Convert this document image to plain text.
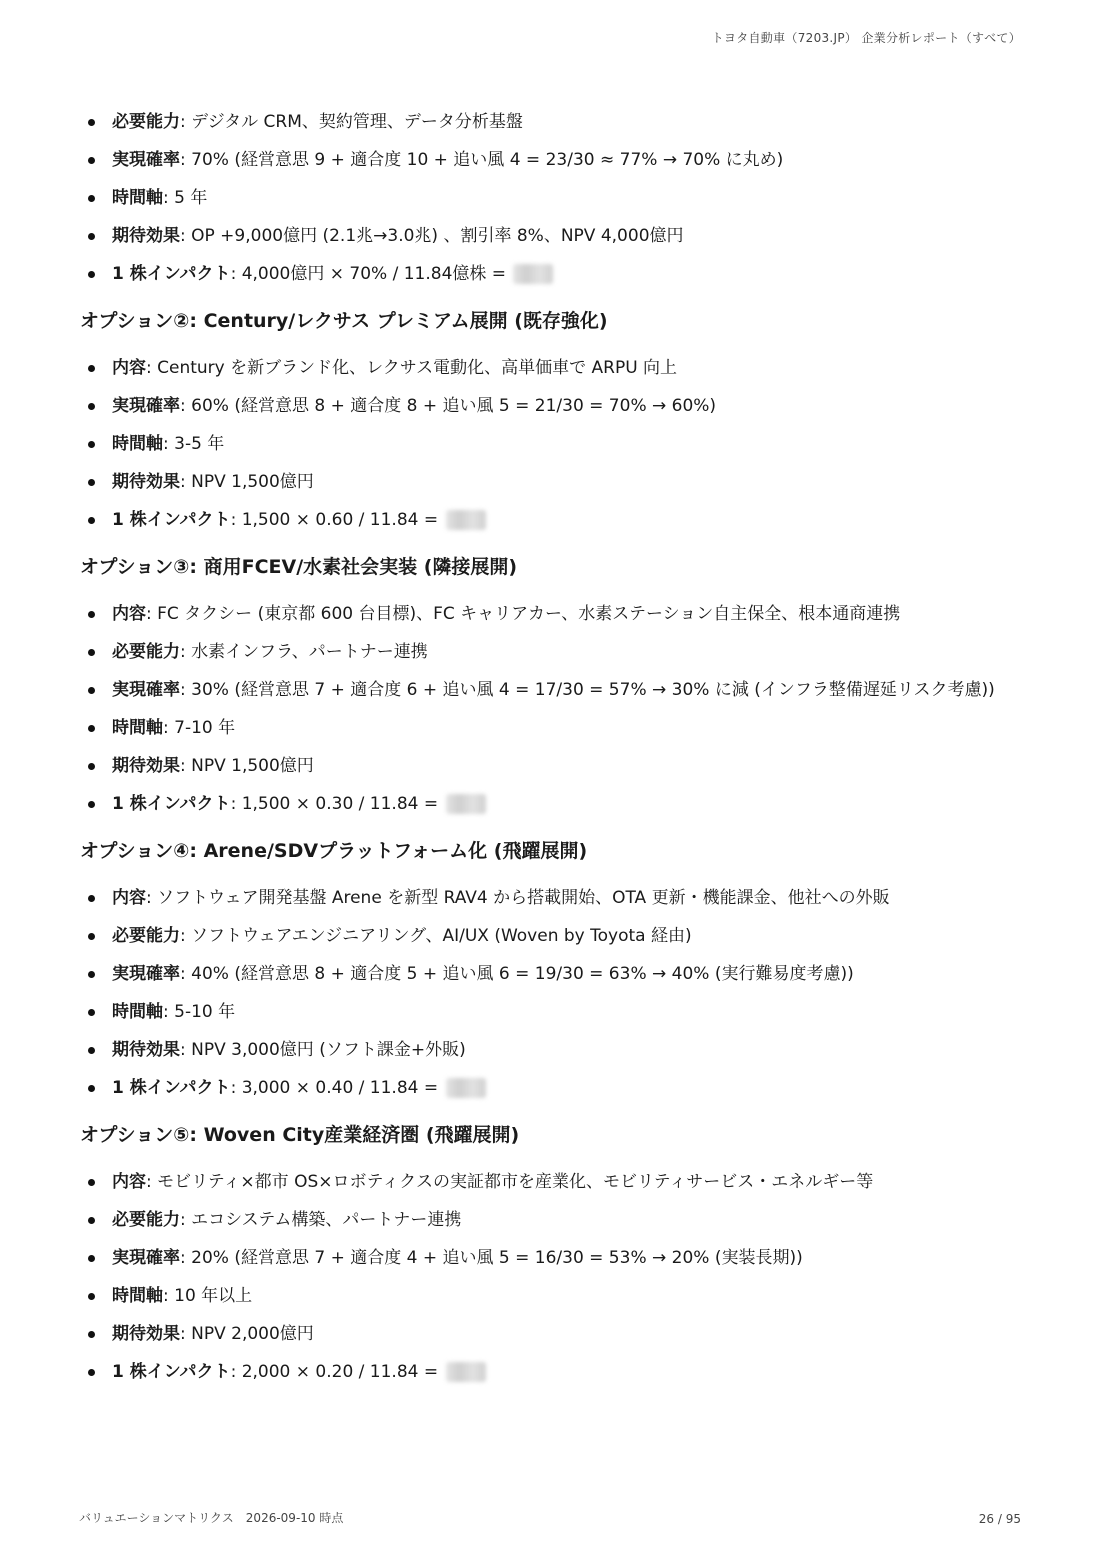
トヨタ自動車（7203.JP） 企業分析レポート（すべて）
必要能力: デジタル CRM、契約管理、データ分析基盤
実現確率: 70% (経営意思 9 + 適合度 10 + 追い風 4 = 23/30 ≈ 77% → 70% に丸め)
時間軸: 5 年
期待効果: OP +9,000億円 (2.1兆→3.0兆) 、割引率 8%、NPV 4,000億円
1 株インパクト: 4,000億円 × 70% / 11.84億株 =
オプション②: Century/レクサス プレミアム展開 (既存強化)
内容: Century を新ブランド化、レクサス電動化、高単価車で ARPU 向上
実現確率: 60% (経営意思 8 + 適合度 8 + 追い風 5 = 21/30 = 70% → 60%)
時間軸: 3-5 年
期待効果: NPV 1,500億円
1 株インパクト: 1,500 × 0.60 / 11.84 =
オプション③: 商用FCEV/水素社会実装 (隣接展開)
内容: FC タクシー (東京都 600 台目標)、FC キャリアカー、水素ステーション自主保全、根本通商連携
必要能力: 水素インフラ、パートナー連携
実現確率: 30% (経営意思 7 + 適合度 6 + 追い風 4 = 17/30 = 57% → 30% に減 (インフラ整備遅延リスク考慮))
時間軸: 7-10 年
期待効果: NPV 1,500億円
1 株インパクト: 1,500 × 0.30 / 11.84 =
オプション④: Arene/SDVプラットフォーム化 (飛躍展開)
内容: ソフトウェア開発基盤 Arene を新型 RAV4 から搭載開始、OTA 更新・機能課金、他社への外販
必要能力: ソフトウェアエンジニアリング、AI/UX (Woven by Toyota 経由)
実現確率: 40% (経営意思 8 + 適合度 5 + 追い風 6 = 19/30 = 63% → 40% (実行難易度考慮))
時間軸: 5-10 年
期待効果: NPV 3,000億円 (ソフト課金+外販)
1 株インパクト: 3,000 × 0.40 / 11.84 =
オプション⑤: Woven City産業経済圏 (飛躍展開)
内容: モビリティ×都市 OS×ロボティクスの実証都市を産業化、モビリティサービス・エネルギー等
必要能力: エコシステム構築、パートナー連携
実現確率: 20% (経営意思 7 + 適合度 4 + 追い風 5 = 16/30 = 53% → 20% (実装長期))
時間軸: 10 年以上
期待効果: NPV 2,000億円
1 株インパクト: 2,000 × 0.20 / 11.84 =
バリュエーションマトリクス　2026-09-10 時点	26 / 95
